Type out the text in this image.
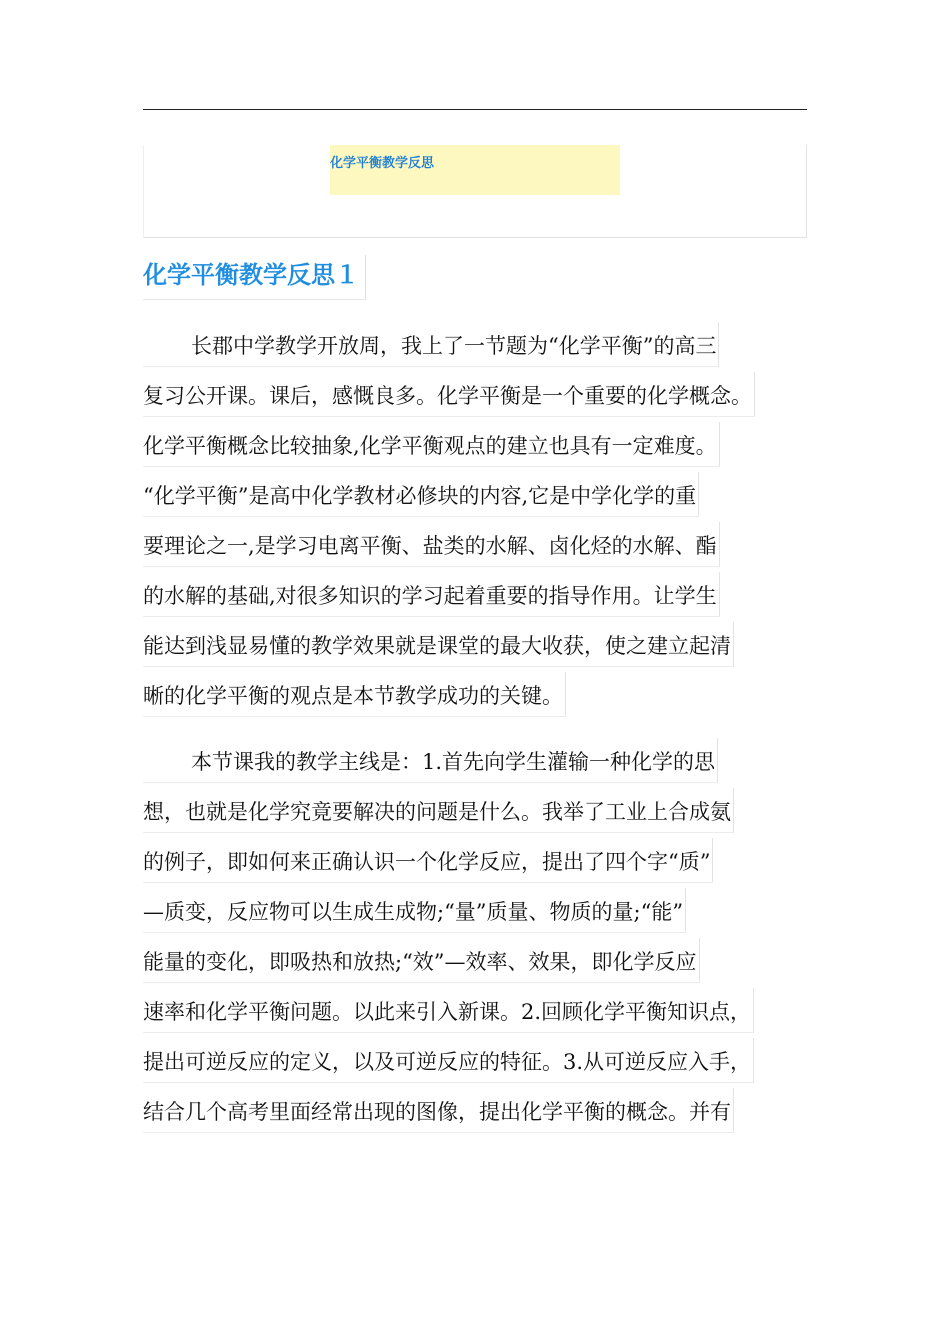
化学平衡教学反思
化学平衡教学反思１
长郡中学教学开放周，我上了一节题为“化学平衡”的高三
复习公开课。课后，感慨良多。化学平衡是一个重要的化学概念。
化学平衡概念比较抽象,化学平衡观点的建立也具有一定难度。
“化学平衡”是高中化学教材必修块的内容,它是中学化学的重
要理论之一,是学习电离平衡、盐类的水解、卤化烃的水解、酯
的水解的基础,对很多知识的学习起着重要的指导作用。让学生
能达到浅显易懂的教学效果就是课堂的最大收获，使之建立起清
晰的化学平衡的观点是本节教学成功的关键。
本节课我的教学主线是：1.首先向学生灌输一种化学的思
想，也就是化学究竟要解决的问题是什么。我举了工业上合成氨
的例子，即如何来正确认识一个化学反应，提出了四个字“质”
—质变，反应物可以生成生成物;“量”质量、物质的量;“能”
能量的变化，即吸热和放热;“效”—效率、效果，即化学反应
速率和化学平衡问题。以此来引入新课。2.回顾化学平衡知识点，
提出可逆反应的定义，以及可逆反应的特征。3.从可逆反应入手，
结合几个高考里面经常出现的图像，提出化学平衡的概念。并有
